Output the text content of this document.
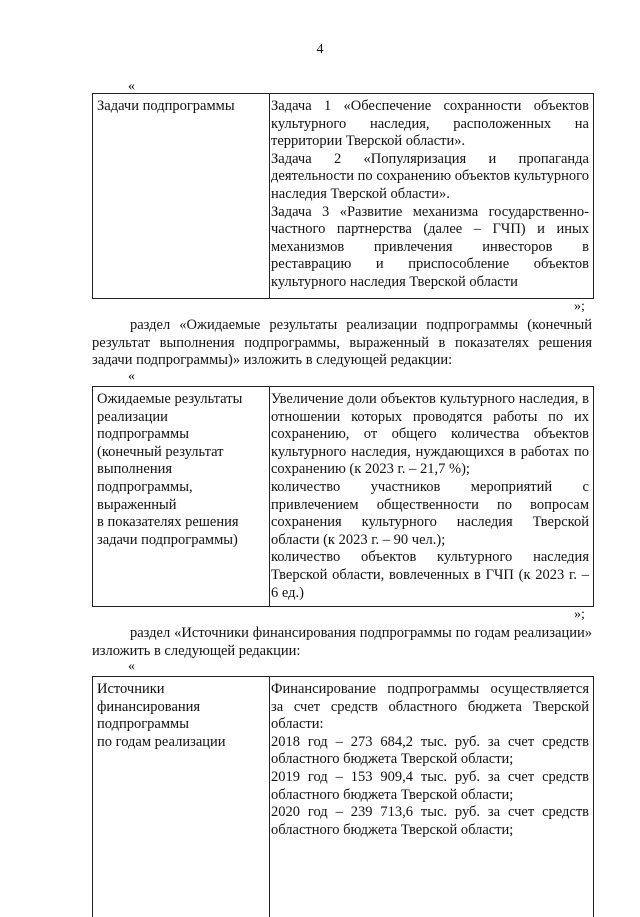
4
«
Задачи подпрограммы	Задача 1 «Обеспечение сохранности объектов культурного наследия, расположенных на территории Тверской области».

Задача 2 «Популяризация и пропаганда деятельности по сохранению объектов культурного наследия Тверской области».

Задача 3 «Развитие механизма государственно-частного партнерства (далее – ГЧП) и иных механизмов привлечения инвесторов в реставрацию и приспособление объектов культурного наследия Тверской области

»;

раздел «Ожидаемые результаты реализации подпрограммы (конечный результат выполнения подпрограммы, выраженный в показателях решения задачи подпрограммы)» изложить в следующей редакции:

«

Ожидаемые результаты

реализации

подпрограммы

(конечный результат

выполнения

подпрограммы,

выраженный

в показателях решения

задачи подпрограммы)

Увеличение доли объектов культурного наследия, в отношении которых проводятся работы по их сохранению, от общего количества объектов культурного наследия, нуждающихся в работах по сохранению (к 2023 г. – 21,7 %);

количество участников мероприятий с привлечением общественности по вопросам сохранения культурного наследия Тверской области (к 2023 г. – 90 чел.);

количество объектов культурного наследия Тверской области, вовлеченных в ГЧП (к 2023 г. – 6 ед.)

»;

раздел «Источники финансирования подпрограммы по годам реализации» изложить в следующей редакции:

«

Источники

финансирования

подпрограммы

по годам реализации

Финансирование подпрограммы осуществляется за счет средств областного бюджета Тверской области:

2018 год – 273 684,2 тыс. руб. за счет средств областного бюджета Тверской области;

2019 год – 153 909,4 тыс. руб. за счет средств областного бюджета Тверской области;

2020 год – 239 713,6 тыс. руб. за счет средств областного бюджета Тверской области;
